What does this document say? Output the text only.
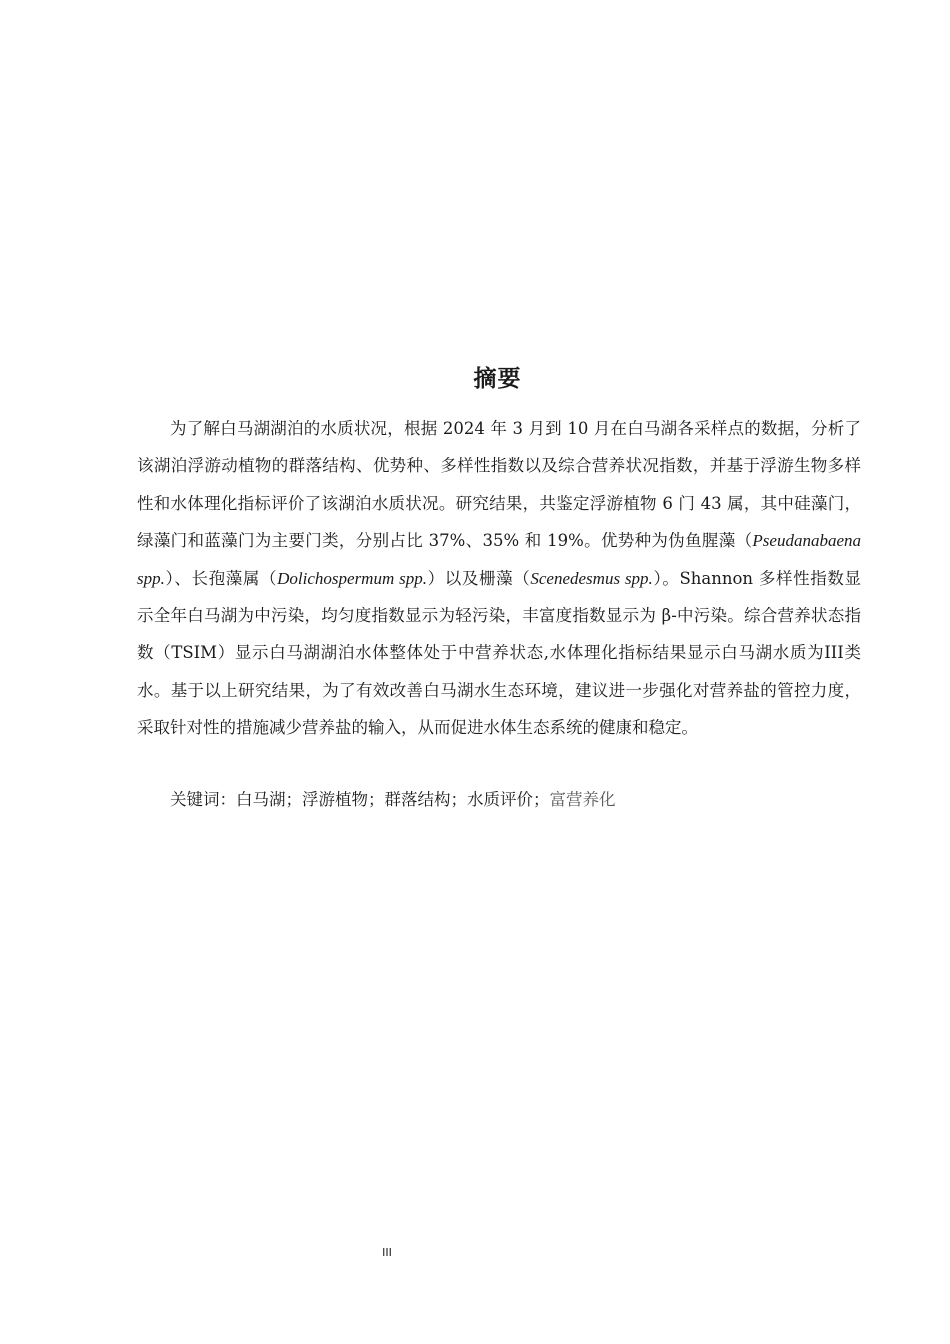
摘要
为了解白马湖湖泊的水质状况，根据 2024 年 3 月到 10 月在白马湖各采样点的数据，分析了该湖泊浮游动植物的群落结构、优势种、多样性指数以及综合营养状况指数，并基于浮游生物多样性和水体理化指标评价了该湖泊水质状况。研究结果，共鉴定浮游植物 6 门 43 属，其中硅藻门，绿藻门和蓝藻门为主要门类，分别占比 37%、35% 和 19%。优势种为伪鱼腥藻（Pseudanabaena spp.）、长孢藻属（Dolichospermum spp.）以及栅藻（Scenedesmus spp.）。Shannon 多样性指数显示全年白马湖为中污染，均匀度指数显示为轻污染，丰富度指数显示为 β-中污染。综合营养状态指数（TSIM）显示白马湖湖泊水体整体处于中营养状态,水体理化指标结果显示白马湖水质为III类水。基于以上研究结果，为了有效改善白马湖水生态环境，建议进一步强化对营养盐的管控力度，采取针对性的措施减少营养盐的输入，从而促进水体生态系统的健康和稳定。
关键词：白马湖；浮游植物；群落结构；水质评价；富营养化
III
